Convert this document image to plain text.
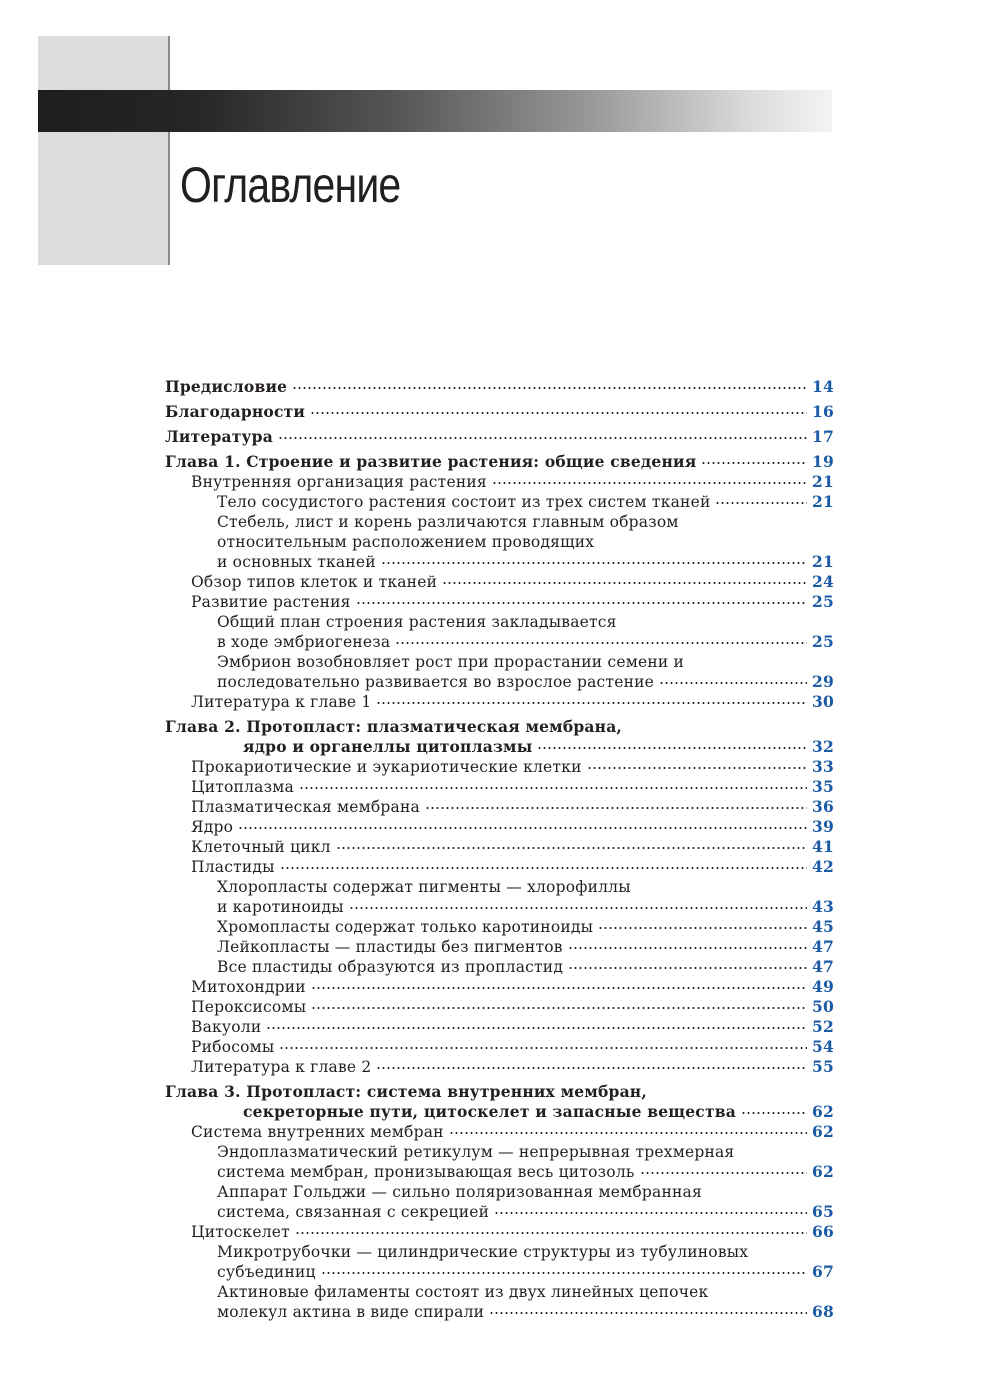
Оглавление
Предисловие	14
Благодарности	16
Литература	17
Глава 1. Строение и развитие растения: общие сведения	19
Внутренняя организация растения	21
Тело сосудистого растения состоит из трех систем тканей	21
Стебель, лист и корень различаются главным образом
относительным расположением проводящих
и основных тканей	21
Обзор типов клеток и тканей	24
Развитие растения	25
Общий план строения растения закладывается
в ходе эмбриогенеза	25
Эмбрион возобновляет рост при прорастании семени и
последовательно развивается во взрослое растение	29
Литература к главе 1	30
Глава 2. Протопласт: плазматическая мембрана,
ядро и органеллы цитоплазмы	32
Прокариотические и эукариотические клетки	33
Цитоплазма	35
Плазматическая мембрана	36
Ядро	39
Клеточный цикл	41
Пластиды	42
Хлоропласты содержат пигменты — хлорофиллы
и каротиноиды	43
Хромопласты содержат только каротиноиды	45
Лейкопласты — пластиды без пигментов	47
Все пластиды образуются из пропластид	47
Митохондрии	49
Пероксисомы	50
Вакуоли	52
Рибосомы	54
Литература к главе 2	55
Глава 3. Протопласт: система внутренних мембран,
секреторные пути, цитоскелет и запасные вещества	62
Система внутренних мембран	62
Эндоплазматический ретикулум — непрерывная трехмерная
система мембран, пронизывающая весь цитозоль	62
Аппарат Гольджи — сильно поляризованная мембранная
система, связанная с секрецией	65
Цитоскелет	66
Микротрубочки — цилиндрические структуры из тубулиновых
субъединиц	67
Актиновые филаменты состоят из двух линейных цепочек
молекул актина в виде спирали	68
